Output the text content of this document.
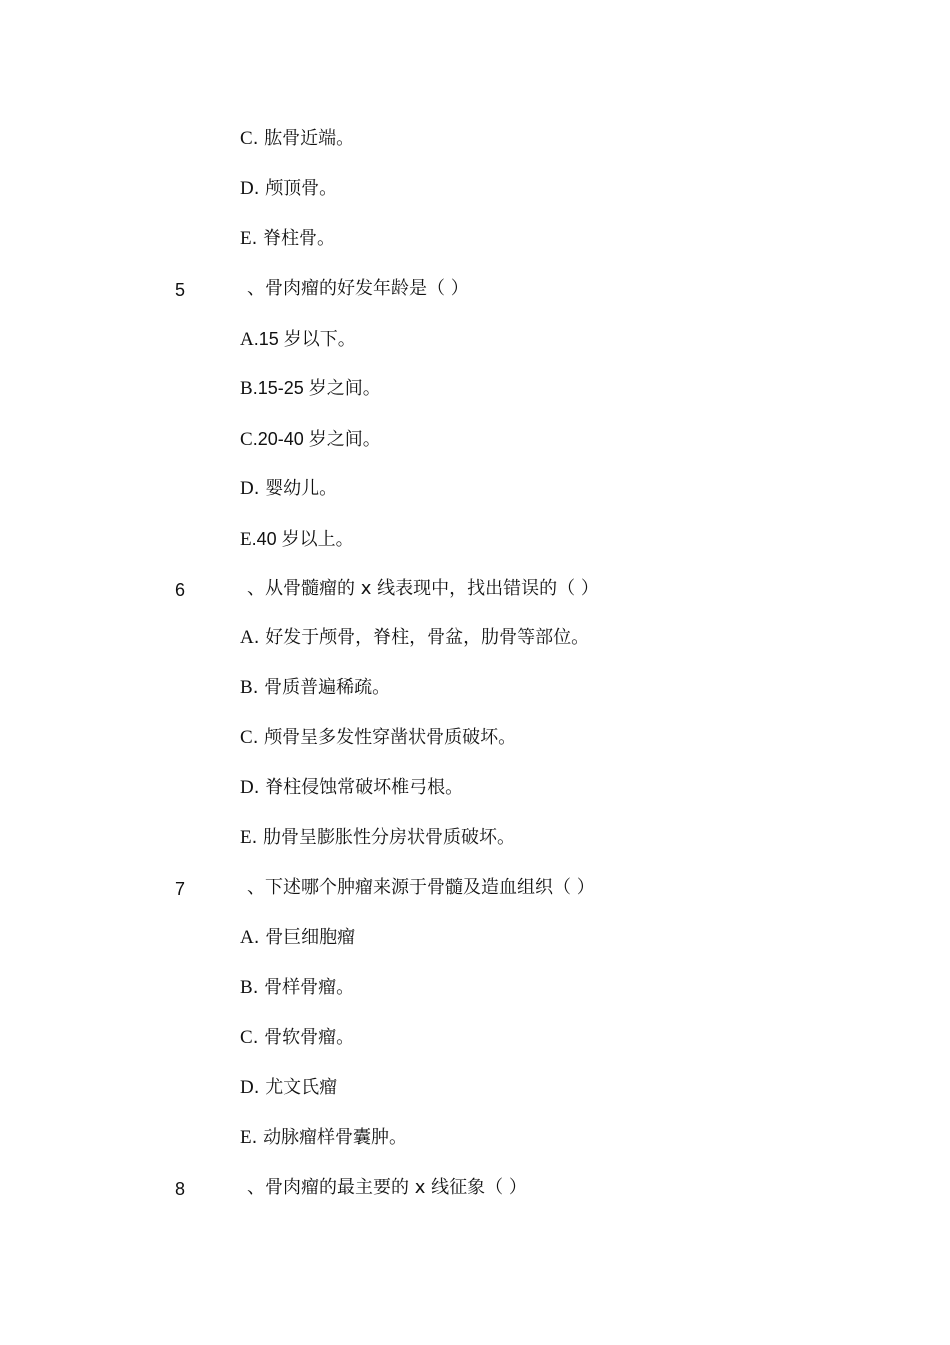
C. 肱骨近端。
D. 颅顶骨。
E. 脊柱骨。
5	、骨肉瘤的好发年龄是（ ）
A.15 岁以下。
B.15-25 岁之间。
C.20-40 岁之间。
D. 婴幼儿。
E.40 岁以上。
6	、从骨髓瘤的 x 线表现中，找出错误的（ ）
A. 好发于颅骨，脊柱，骨盆，肋骨等部位。
B. 骨质普遍稀疏。
C. 颅骨呈多发性穿凿状骨质破坏。
D. 脊柱侵蚀常破坏椎弓根。
E. 肋骨呈膨胀性分房状骨质破坏。
7	、下述哪个肿瘤来源于骨髓及造血组织（ ）
A. 骨巨细胞瘤
B. 骨样骨瘤。
C. 骨软骨瘤。
D. 尤文氏瘤
E. 动脉瘤样骨囊肿。
8	、骨肉瘤的最主要的 x 线征象（ ）
